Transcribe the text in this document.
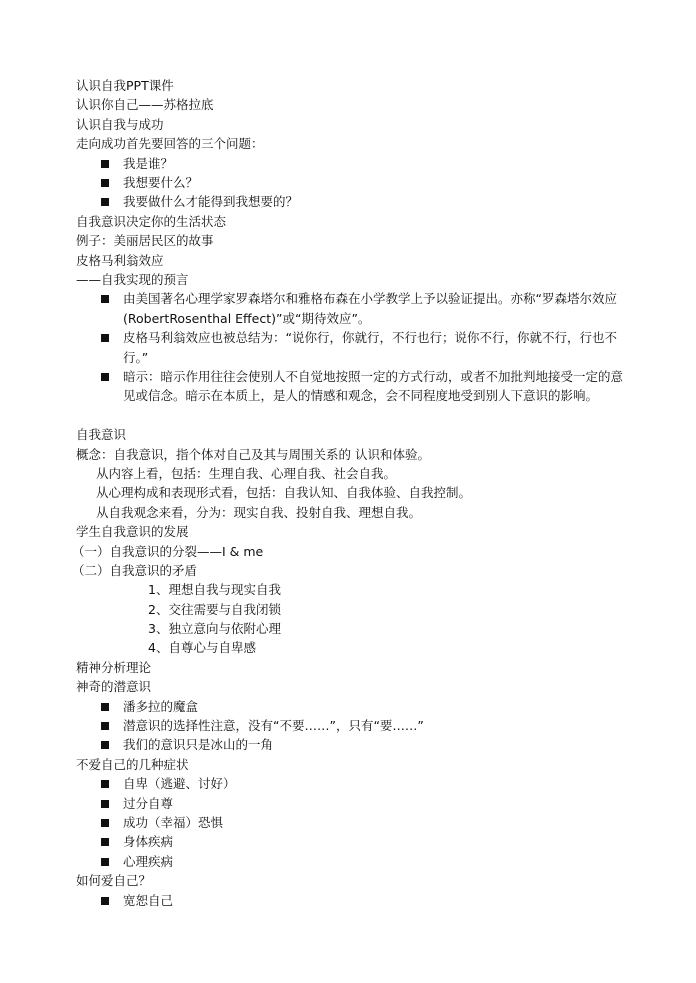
认识自我PPT课件
认识你自己——苏格拉底
认识自我与成功
走向成功首先要回答的三个问题：
我是谁？
我想要什么？
我要做什么才能得到我想要的？
自我意识决定你的生活状态
例子：美丽居民区的故事
皮格马利翁效应
——自我实现的预言
由美国著名心理学家罗森塔尔和雅格布森在小学教学上予以验证提出。亦称“罗森塔尔效应(RobertRosenthal Effect)”或“期待效应”。
皮格马利翁效应也被总结为：“说你行，你就行，不行也行；说你不行，你就不行，行也不行。”
暗示：暗示作用往往会使别人不自觉地按照一定的方式行动，或者不加批判地接受一定的意见或信念。暗示在本质上，是人的情感和观念，会不同程度地受到别人下意识的影响。
自我意识
概念：自我意识，指个体对自己及其与周围关系的 认识和体验。
从内容上看，包括：生理自我、心理自我、社会自我。
从心理构成和表现形式看，包括：自我认知、自我体验、自我控制。
从自我观念来看，分为：现实自我、投射自我、理想自我。
学生自我意识的发展
（一）自我意识的分裂——I & me
（二）自我意识的矛盾
1、理想自我与现实自我
2、交往需要与自我闭锁
3、独立意向与依附心理
4、自尊心与自卑感
精神分析理论
神奇的潜意识
潘多拉的魔盒
潜意识的选择性注意，没有“不要……”，只有“要……”
我们的意识只是冰山的一角
不爱自己的几种症状
自卑（逃避、讨好）
过分自尊
成功（幸福）恐惧
身体疾病
心理疾病
如何爱自己？
宽恕自己
